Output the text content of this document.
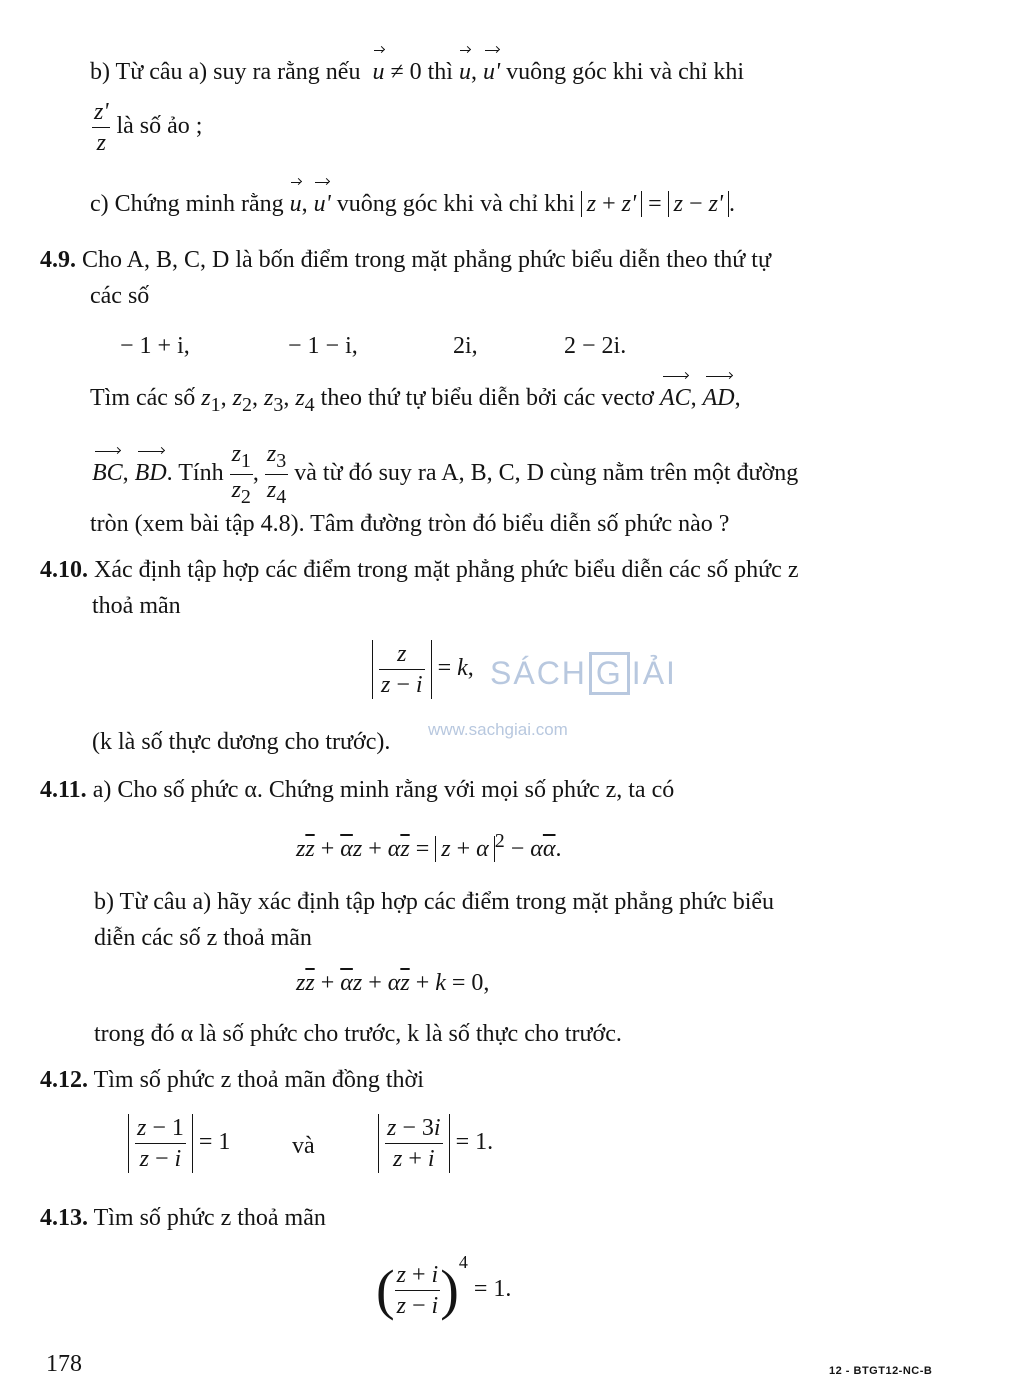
SÁCH G IẢI
www.sachgiai.com
b) Từ câu a) suy ra rằng nếu u ≠ 0 thì u, u' vuông góc khi và chỉ khi
$\frac{z'}{z}$ là số ảo ;
c) Chứng minh rằng u, u' vuông góc khi và chỉ khi z + z' = z − z' .
4.9. Cho A, B, C, D là bốn điểm trong mặt phẳng phức biểu diễn theo thứ tự
các số
− 1 + i,	− 1 − i,	2i,	2 − 2i.
Tìm các số $z_1$, $z_2$, $z_3$, $z_4$ theo thứ tự biểu diễn bởi các vectơ AC, AD,
BC, BD. Tính $\frac{z_1}{z_2}$ , $\frac{z_3}{z_4}$ và từ đó suy ra A, B, C, D cùng nằm trên một đường
tròn (xem bài tập 4.8). Tâm đường tròn đó biểu diễn số phức nào ?
4.10. Xác định tập hợp các điểm trong mặt phẳng phức biểu diễn các số phức z
thoả mãn
$\frac{z}{z - i} = k$,
(k là số thực dương cho trước).
4.11. a) Cho số phức α. Chứng minh rằng với mọi số phức z, ta có
$z\overline{z} + \overline{\alpha}z + \alpha\overline{z} = z + \alpha$ $^2 - \alpha\overline{\alpha}$.
b) Từ câu a) hãy xác định tập hợp các điểm trong mặt phẳng phức biểu
diễn các số z thoả mãn
$z\overline{z} + \overline{\alpha}z + \alpha\overline{z} + k = 0$,
trong đó α là số phức cho trước, k là số thực cho trước.
4.12. Tìm số phức z thoả mãn đồng thời
$\frac{z - 1}{z - i} = 1$	và	$\frac{z - 3i}{z + i} = 1$.
4.13. Tìm số phức z thoả mãn
( $\frac{z + i}{z - i} )^4 = 1$.
178	12 - BTGT12-NC-B
